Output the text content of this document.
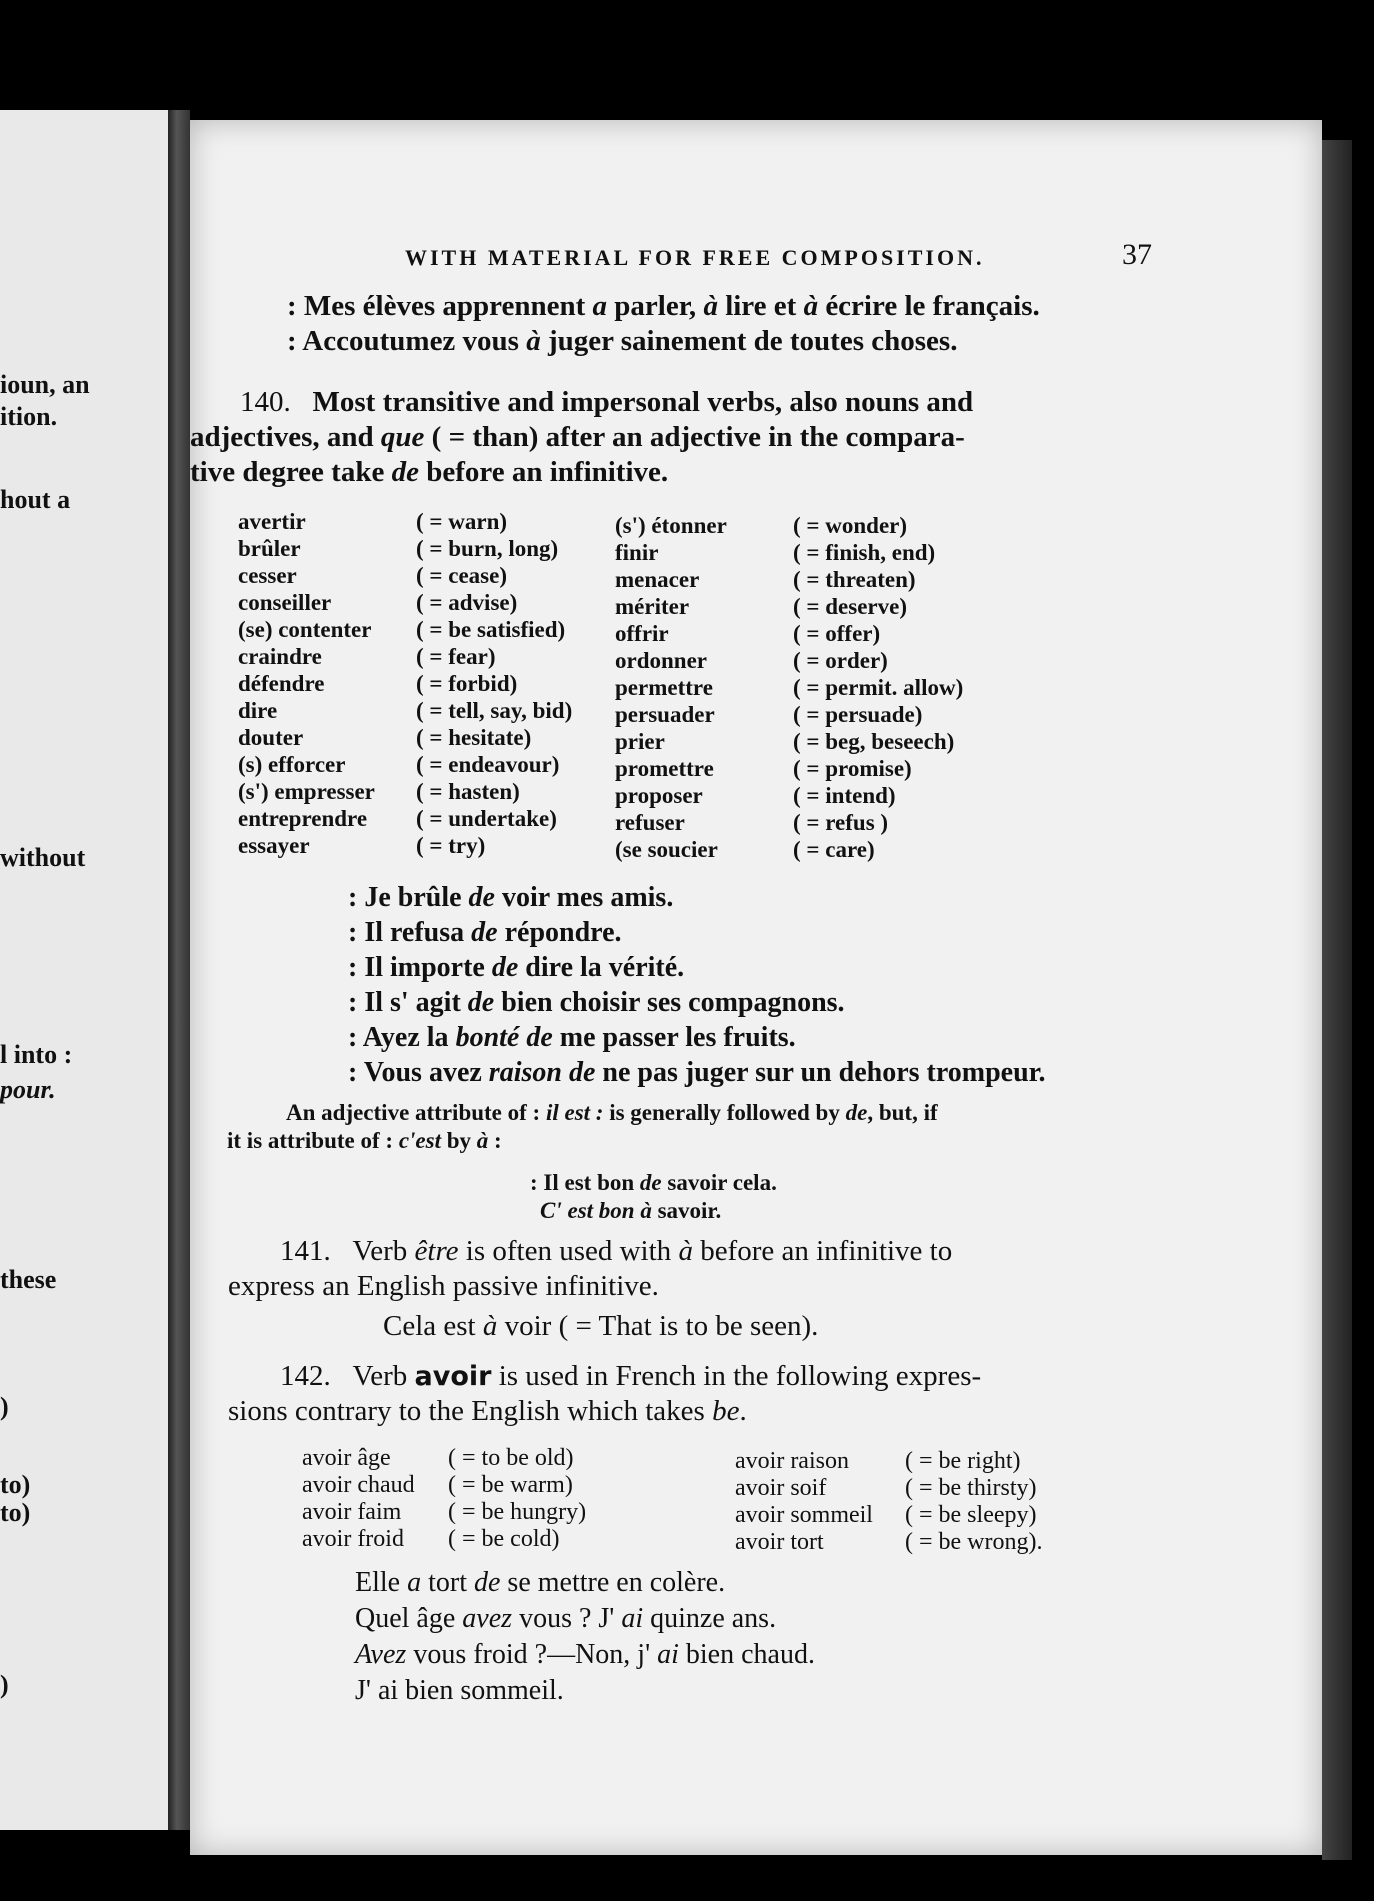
ioun, an
ition.
hout a
without
l into :
pour.
these
)
to)
to)
)
WITH MATERIAL FOR FREE COMPOSITION.	37
: Mes élèves apprennent a parler, à lire et à écrire le français.
: Accoutumez vous à juger sainement de toutes choses.
140. Most transitive and impersonal verbs, also nouns and
adjectives, and que ( = than) after an adjective in the compara-
tive degree take de before an infinitive.
avertir	( = warn)
brûler	( = burn, long)
cesser	( = cease)
conseiller	( = advise)
(se) contenter	( = be satisfied)
craindre	( = fear)
défendre	( = forbid)
dire	( = tell, say, bid)
douter	( = hesitate)
(s) efforcer	( = endeavour)
(s') empresser	( = hasten)
entreprendre	( = undertake)
essayer	( = try)
(s') étonner	( = wonder)
finir	( = finish, end)
menacer	( = threaten)
mériter	( = deserve)
offrir	( = offer)
ordonner	( = order)
permettre	( = permit. allow)
persuader	( = persuade)
prier	( = beg, beseech)
promettre	( = promise)
proposer	( = intend)
refuser	( = refus )
(se soucier	( = care)
: Je brûle de voir mes amis.
: Il refusa de répondre.
: Il importe de dire la vérité.
: Il s' agit de bien choisir ses compagnons.
: Ayez la bonté de me passer les fruits.
: Vous avez raison de ne pas juger sur un dehors trompeur.
An adjective attribute of : il est : is generally followed by de, but, if
it is attribute of : c'est by à :
: Il est bon de savoir cela.
C' est bon à savoir.
141. Verb être is often used with à before an infinitive to
express an English passive infinitive.
Cela est à voir ( = That is to be seen).
142. Verb avoir is used in French in the following expres-
sions contrary to the English which takes be.
avoir âge	( = to be old)
avoir chaud	( = be warm)
avoir faim	( = be hungry)
avoir froid	( = be cold)
avoir raison	( = be right)
avoir soif	( = be thirsty)
avoir sommeil	( = be sleepy)
avoir tort	( = be wrong).
Elle a tort de se mettre en colère.
Quel âge avez vous ? J' ai quinze ans.
Avez vous froid ?—Non, j' ai bien chaud.
J' ai bien sommeil.
